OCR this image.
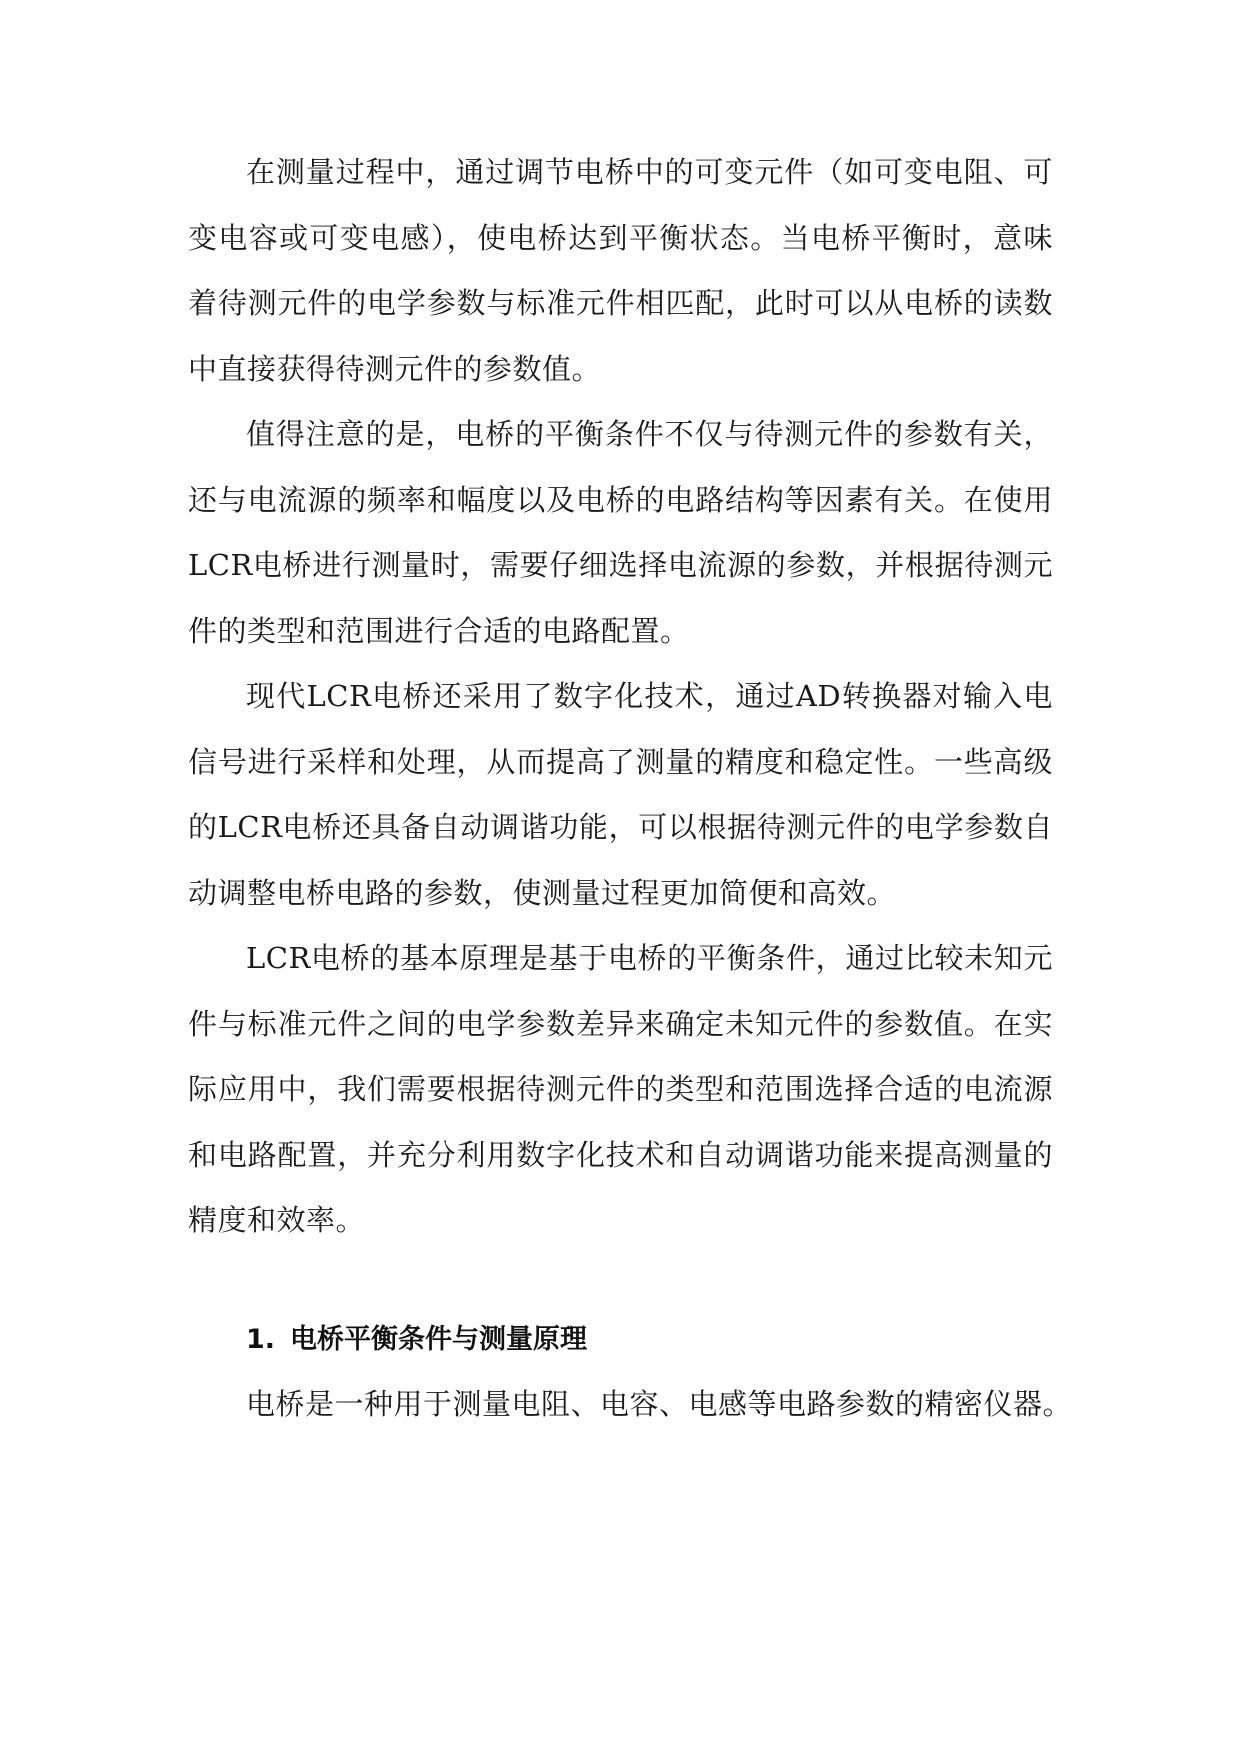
在测量过程中，通过调节电桥中的可变元件（如可变电阻、可变电容或可变电感），使电桥达到平衡状态。当电桥平衡时，意味着待测元件的电学参数与标准元件相匹配，此时可以从电桥的读数中直接获得待测元件的参数值。

值得注意的是，电桥的平衡条件不仅与待测元件的参数有关，还与电流源的频率和幅度以及电桥的电路结构等因素有关。在使用LCR电桥进行测量时，需要仔细选择电流源的参数，并根据待测元件的类型和范围进行合适的电路配置。

现代LCR电桥还采用了数字化技术，通过AD转换器对输入电信号进行采样和处理，从而提高了测量的精度和稳定性。一些高级的LCR电桥还具备自动调谐功能，可以根据待测元件的电学参数自动调整电桥电路的参数，使测量过程更加简便和高效。

LCR电桥的基本原理是基于电桥的平衡条件，通过比较未知元件与标准元件之间的电学参数差异来确定未知元件的参数值。在实际应用中，我们需要根据待测元件的类型和范围选择合适的电流源和电路配置，并充分利用数字化技术和自动调谐功能来提高测量的精度和效率。

1. 电桥平衡条件与测量原理

电桥是一种用于测量电阻、电容、电感等电路参数的精密仪器。
